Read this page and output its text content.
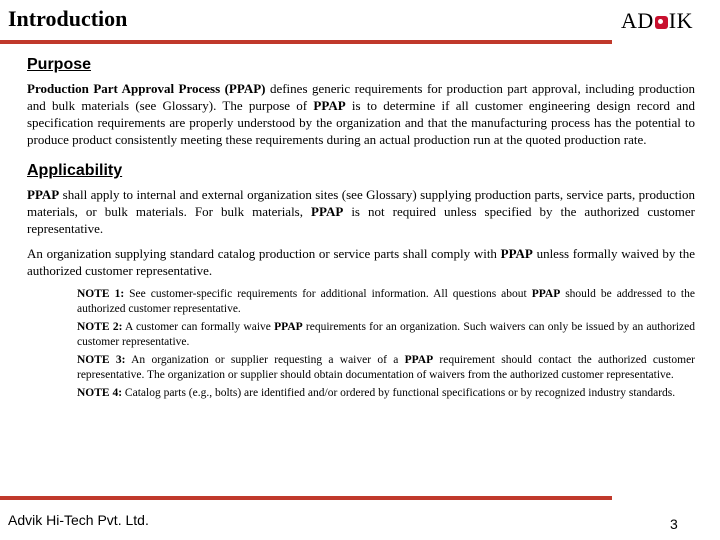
Introduction	AD IK
Purpose

Production Part Approval Process (PPAP) defines generic requirements for production part approval, including production and bulk materials (see Glossary). The purpose of PPAP is to determine if all customer engineering design record and specification requirements are properly understood by the organization and that the manufacturing process has the potential to produce product consistently meeting these requirements during an actual production run at the quoted production rate.

Applicability

PPAP shall apply to internal and external organization sites (see Glossary) supplying production parts, service parts, production materials, or bulk materials. For bulk materials, PPAP is not required unless specified by the authorized customer representative.

An organization supplying standard catalog production or service parts shall comply with PPAP unless formally waived by the authorized customer representative.

NOTE 1: See customer-specific requirements for additional information. All questions about PPAP should be addressed to the authorized customer representative.

NOTE 2: A customer can formally waive PPAP requirements for an organization. Such waivers can only be issued by an authorized customer representative.

NOTE 3: An organization or supplier requesting a waiver of a PPAP requirement should contact the authorized customer representative. The organization or supplier should obtain documentation of waivers from the authorized customer representative.

NOTE 4: Catalog parts (e.g., bolts) are identified and/or ordered by functional specifications or by recognized industry standards.

Advik Hi-Tech Pvt. Ltd.	3
